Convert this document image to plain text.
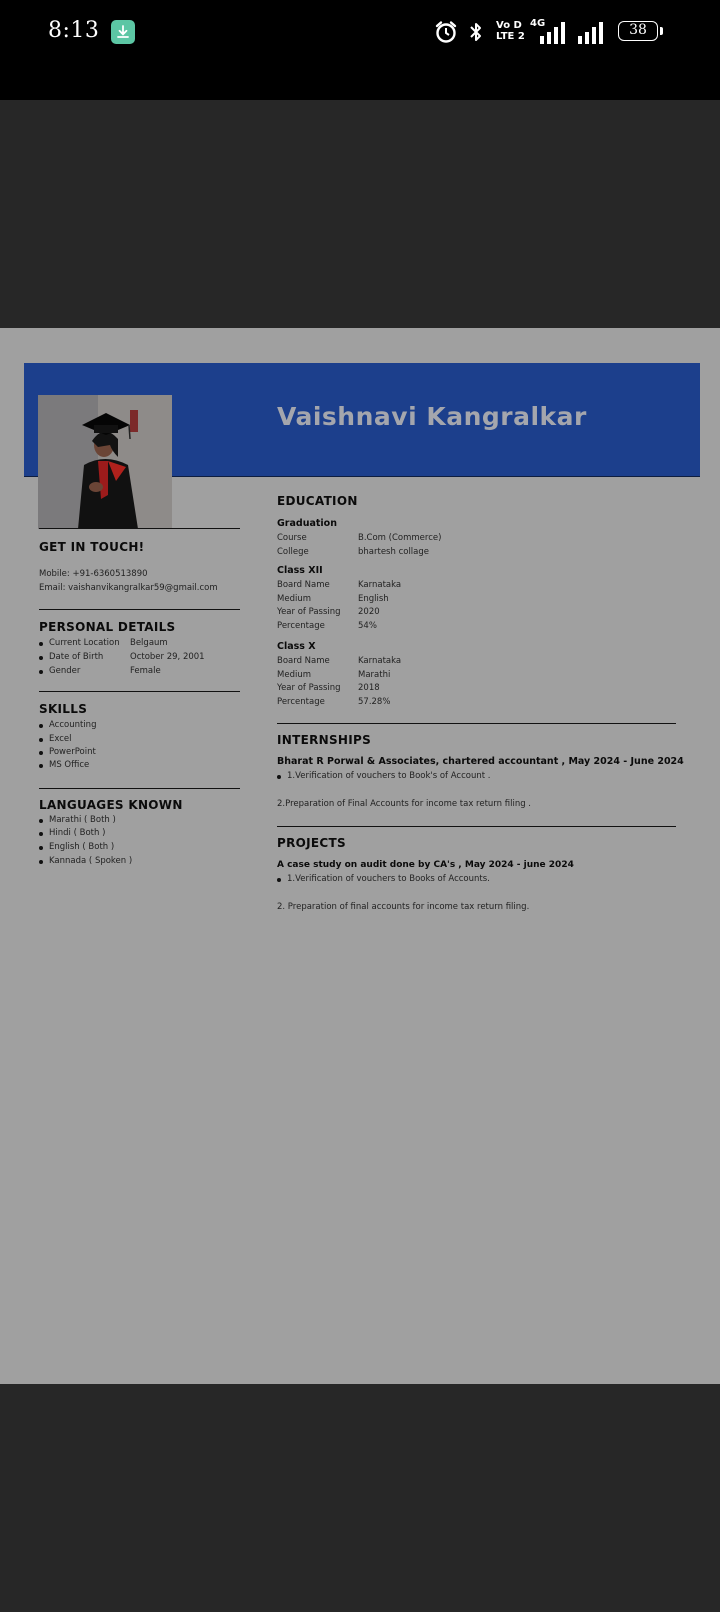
8:13	Vo D
LTE 2
4G	38
Vaishnavi Kangralkar
GET IN TOUCH!
Mobile: +91-6360513890
Email: vaishanvikangralkar59@gmail.com
PERSONAL DETAILS
Current Location Belgaum
Date of Birth	October 29, 2001
Gender	Female
SKILLS
Accounting
Excel
PowerPoint
MS Office
LANGUAGES KNOWN
Marathi ( Both )
Hindi ( Both )
English ( Both )
Kannada ( Spoken )
EDUCATION
Graduation
Course	B.Com (Commerce)
College	bhartesh collage
Class XII
Board Name	Karnataka
Medium	English
Year of Passing 2020
Percentage	54%
Class X
Board Name	Karnataka
Medium	Marathi
Year of Passing 2018
Percentage	57.28%
INTERNSHIPS
Bharat R Porwal & Associates, chartered accountant , May 2024 - June 2024
1.Verification of vouchers to Book's of Account .
2.Preparation of Final Accounts for income tax return filing .
PROJECTS
A case study on audit done by CA's , May 2024 - june 2024
1.Verification of vouchers to Books of Accounts.
2. Preparation of final accounts for income tax return filing.
